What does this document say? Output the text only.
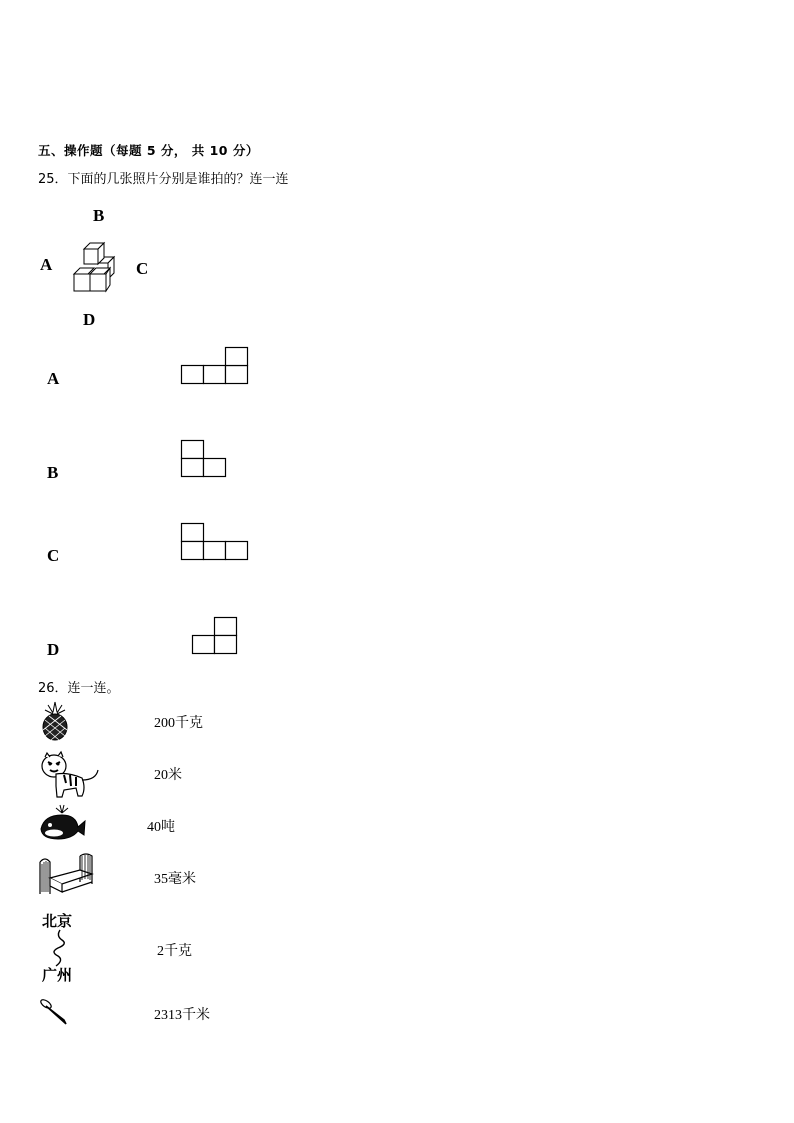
五、操作题（每题 5 分， 共 10 分）
25．下面的几张照片分别是谁拍的？连一连
B
A	C
D
A
B
C
D
26．连一连。
200千克
20米
40吨
35毫米
北京
广州
2千克
2313千米
